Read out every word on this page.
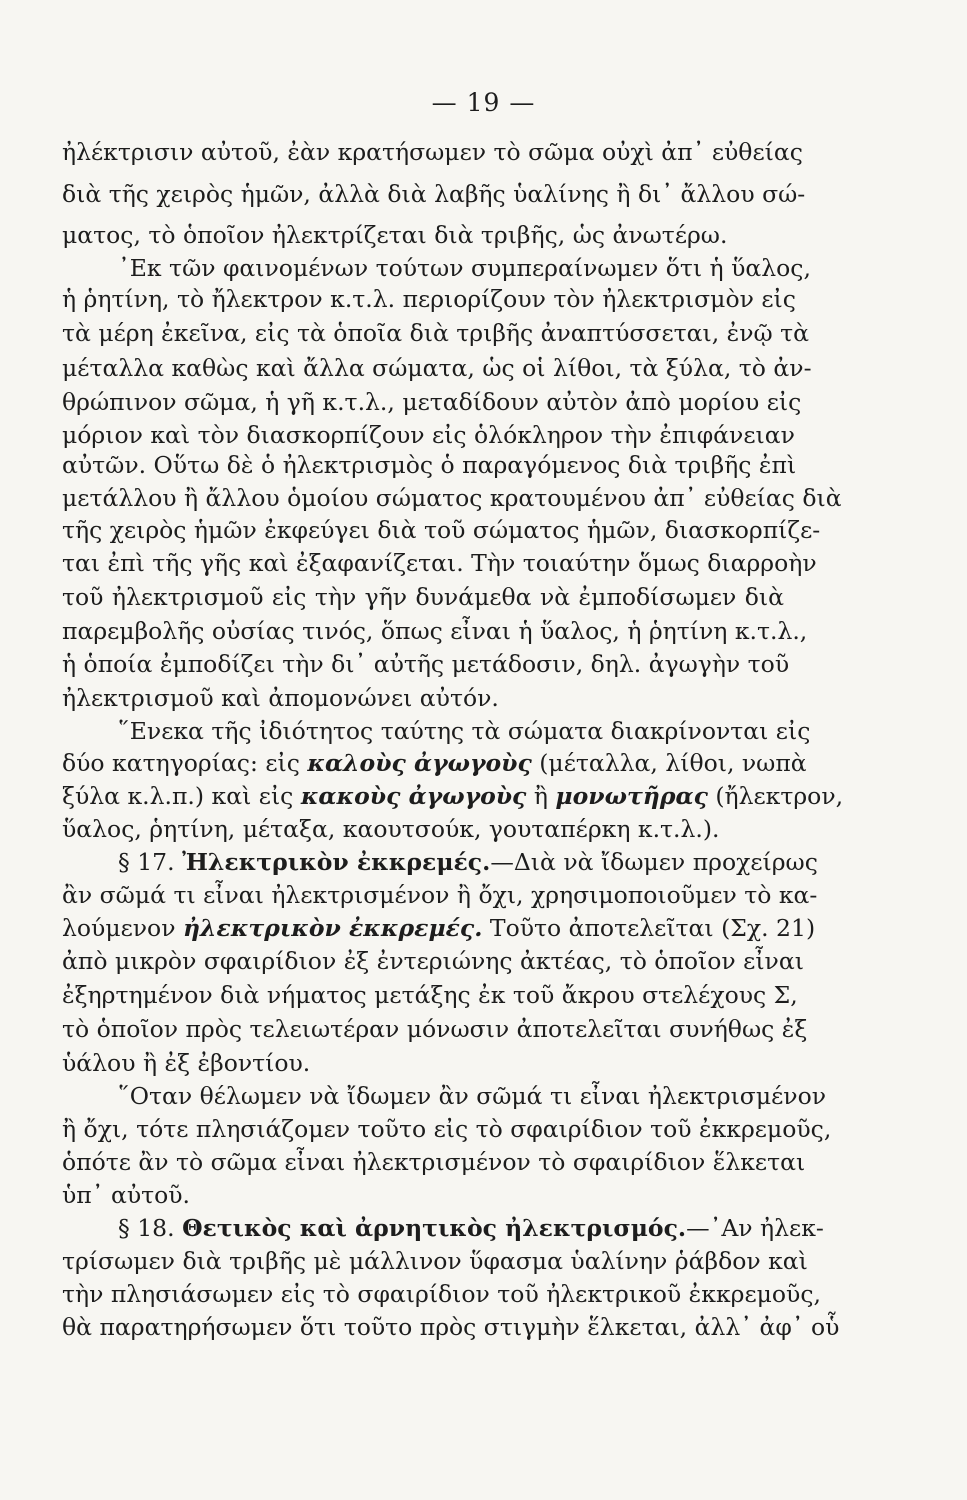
— 19 —
ἠλέκτρισιν αὐτοῦ, ἐὰν κρατήσωμεν τὸ σῶμα οὐχὶ ἀπ᾽ εὐθείας
διὰ τῆς χειρὸς ἡμῶν, ἀλλὰ διὰ λαβῆς ὑαλίνης ἢ δι᾽ ἄλλου σώ-
ματος, τὸ ὁποῖον ἠλεκτρίζεται διὰ τριβῆς, ὡς ἀνωτέρω.
᾽Εκ τῶν φαινομένων τούτων συμπεραίνωμεν ὅτι ἡ ὕαλος,
ἡ ῥητίνη, τὸ ἤλεκτρον κ.τ.λ. περιορίζουν τὸν ἠλεκτρισμὸν εἰς
τὰ μέρη ἐκεῖνα, εἰς τὰ ὁποῖα διὰ τριβῆς ἀναπτύσσεται, ἐνῷ τὰ
μέταλλα καθὼς καὶ ἄλλα σώματα, ὡς οἱ λίθοι, τὰ ξύλα, τὸ ἀν-
θρώπινον σῶμα, ἡ γῆ κ.τ.λ., μεταδίδουν αὐτὸν ἀπὸ μορίου εἰς
μόριον καὶ τὸν διασκορπίζουν εἰς ὁλόκληρον τὴν ἐπιφάνειαν
αὐτῶν. Οὕτω δὲ ὁ ἠλεκτρισμὸς ὁ παραγόμενος διὰ τριβῆς ἐπὶ
μετάλλου ἢ ἄλλου ὁμοίου σώματος κρατουμένου ἀπ᾽ εὐθείας διὰ
τῆς χειρὸς ἡμῶν ἐκφεύγει διὰ τοῦ σώματος ἡμῶν, διασκορπίζε-
ται ἐπὶ τῆς γῆς καὶ ἐξαφανίζεται. Τὴν τοιαύτην ὅμως διαρροὴν
τοῦ ἠλεκτρισμοῦ εἰς τὴν γῆν δυνάμεθα νὰ ἐμποδίσωμεν διὰ
παρεμβολῆς οὐσίας τινός, ὅπως εἶναι ἡ ὕαλος, ἡ ῥητίνη κ.τ.λ.,
ἡ ὁποία ἐμποδίζει τὴν δι᾽ αὐτῆς μετάδοσιν, δηλ. ἀγωγὴν τοῦ
ἠλεκτρισμοῦ καὶ ἀπομονώνει αὐτόν.
῞Ενεκα τῆς ἰδιότητος ταύτης τὰ σώματα διακρίνονται εἰς
δύο κατηγορίας: εἰς καλοὺς ἀγωγοὺς (μέταλλα, λίθοι, νωπὰ
ξύλα κ.λ.π.) καὶ εἰς κακοὺς ἀγωγοὺς ἢ μονωτῆρας (ἤλεκτρον,
ὕαλος, ῥητίνη, μέταξα, καουτσούκ, γουταπέρκη κ.τ.λ.).
§ 17. Ἠλεκτρικὸν ἐκκρεμές.—Διὰ νὰ ἴδωμεν προχείρως
ἂν σῶμά τι εἶναι ἠλεκτρισμένον ἢ ὄχι, χρησιμοποιοῦμεν τὸ κα-
λούμενον ἠλεκτρικὸν ἐκκρεμές. Τοῦτο ἀποτελεῖται (Σχ. 21)
ἀπὸ μικρὸν σφαιρίδιον ἐξ ἐντεριώνης ἀκτέας, τὸ ὁποῖον εἶναι
ἐξηρτημένον διὰ νήματος μετάξης ἐκ τοῦ ἄκρου στελέχους Σ,
τὸ ὁποῖον πρὸς τελειωτέραν μόνωσιν ἀποτελεῖται συνήθως ἐξ
ὑάλου ἢ ἐξ ἐβοντίου.
῞Οταν θέλωμεν νὰ ἴδωμεν ἂν σῶμά τι εἶναι ἠλεκτρισμένον
ἢ ὄχι, τότε πλησιάζομεν τοῦτο εἰς τὸ σφαιρίδιον τοῦ ἐκκρεμοῦς,
ὁπότε ἂν τὸ σῶμα εἶναι ἠλεκτρισμένον τὸ σφαιρίδιον ἕλκεται
ὑπ᾽ αὐτοῦ.
§ 18. Θετικὸς καὶ ἀρνητικὸς ἠλεκτρισμός.—᾽Αν ἠλεκ-
τρίσωμεν διὰ τριβῆς μὲ μάλλινον ὕφασμα ὑαλίνην ῥάβδον καὶ
τὴν πλησιάσωμεν εἰς τὸ σφαιρίδιον τοῦ ἠλεκτρικοῦ ἐκκρεμοῦς,
θὰ παρατηρήσωμεν ὅτι τοῦτο πρὸς στιγμὴν ἕλκεται, ἀλλ᾽ ἀφ᾽ οὗ
